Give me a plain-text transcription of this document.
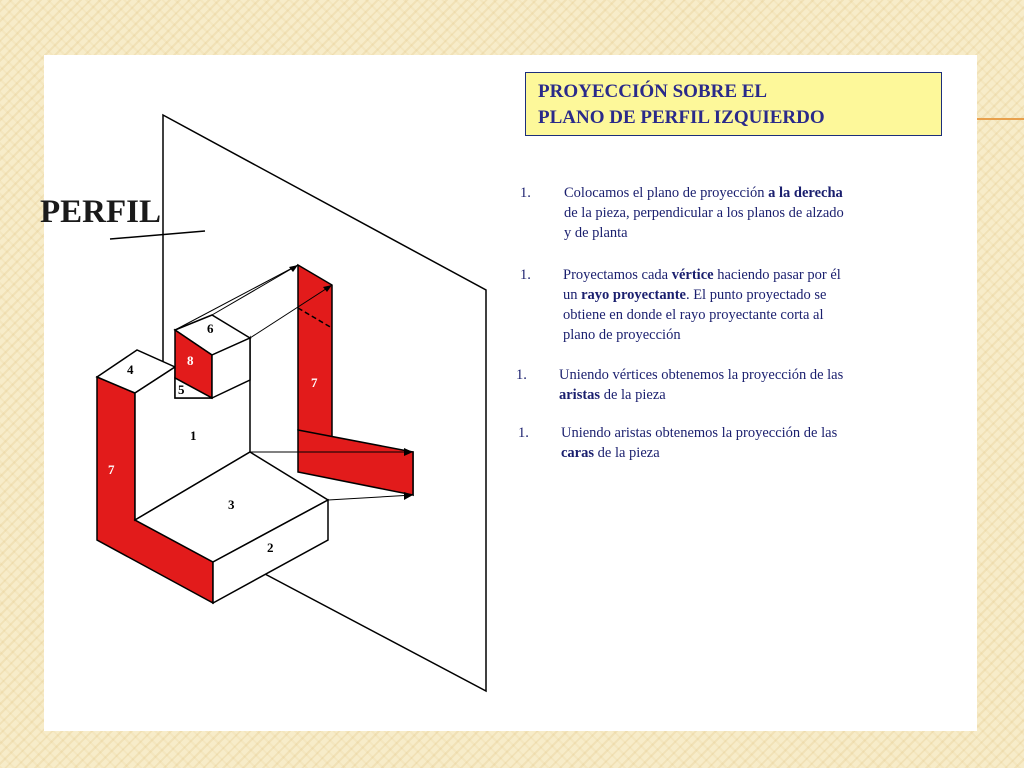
PERFIL
6
8
4
5
1
7
7
3
2
PROYECCIÓN SOBRE EL
PLANO DE PERFIL IZQUIERDO
1. Colocamos el plano de proyección a la derecha
de la pieza, perpendicular a los planos de alzado
y de planta
1. Proyectamos cada vértice haciendo pasar por él
un rayo proyectante. El punto proyectado se
obtiene en donde el rayo proyectante corta al
plano de proyección
1. Uniendo vértices obtenemos la proyección de las
aristas de la pieza
1. Uniendo aristas obtenemos la proyección de las
caras de la pieza
